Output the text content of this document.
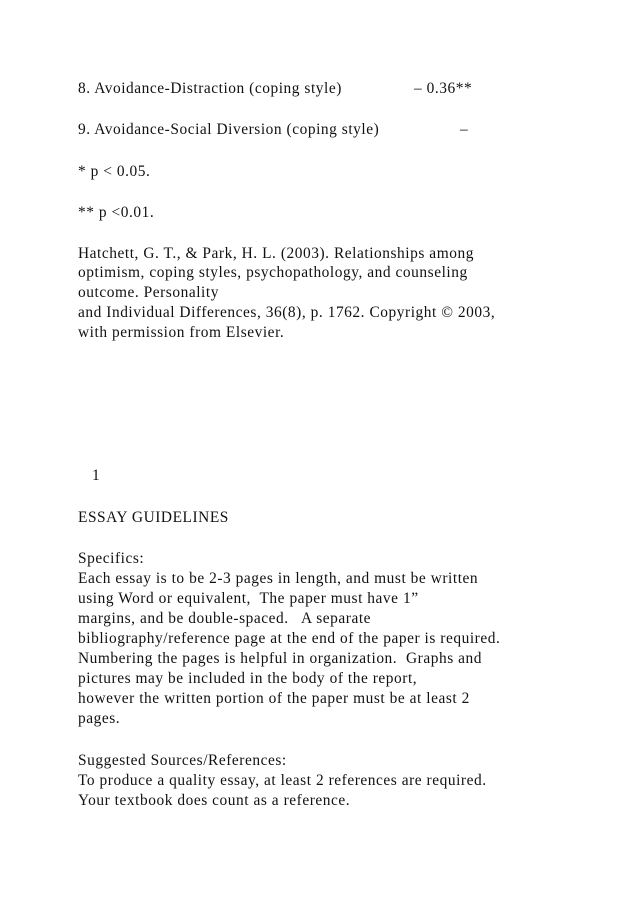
8. Avoidance-Distraction (coping style)	– 0.36**
9. Avoidance-Social Diversion (coping style)	–
* p < 0.05.
** p <0.01.
Hatchett, G. T., & Park, H. L. (2003). Relationships among
optimism, coping styles, psychopathology, and counseling
outcome. Personality
and Individual Differences, 36(8), p. 1762. Copyright © 2003,
with permission from Elsevier.
1
ESSAY GUIDELINES
Specifics:
Each essay is to be 2-3 pages in length, and must be written
using Word or equivalent,  The paper must have 1”
margins, and be double-spaced.   A separate
bibliography/reference page at the end of the paper is required.
Numbering the pages is helpful in organization.  Graphs and
pictures may be included in the body of the report,
however the written portion of the paper must be at least 2
pages.
Suggested Sources/References:
To produce a quality essay, at least 2 references are required.
Your textbook does count as a reference.
